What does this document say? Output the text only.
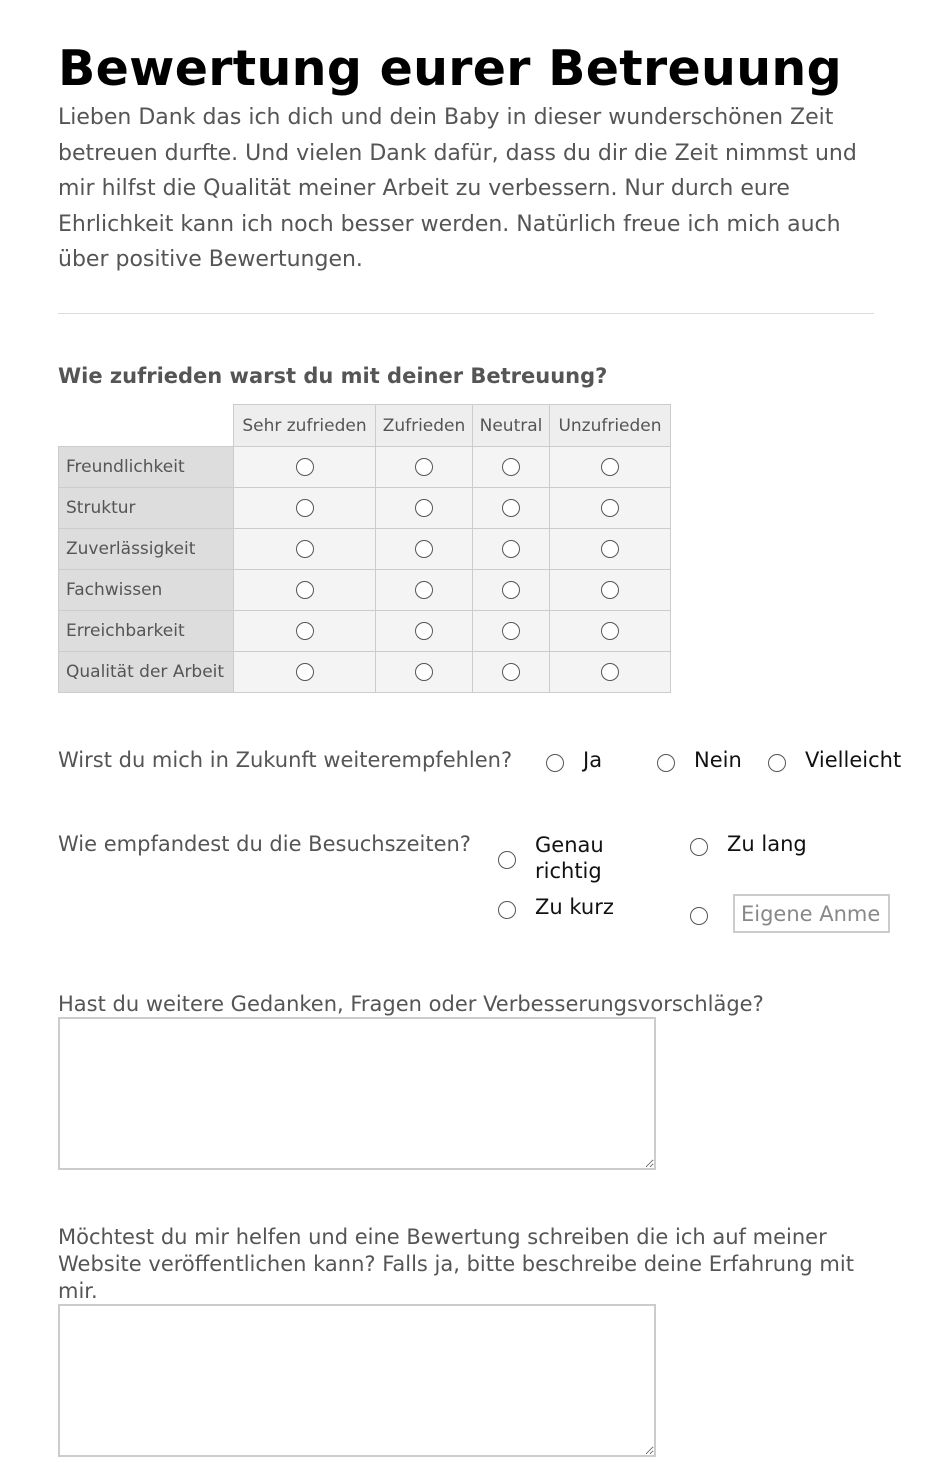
Bewertung eurer Betreuung

Lieben Dank das ich dich und dein Baby in dieser wunderschönen Zeit betreuen durfte. Und vielen Dank dafür, dass du dir die Zeit nimmst und mir hilfst die Qualität meiner Arbeit zu verbessern. Nur durch eure Ehrlichkeit kann ich noch besser werden. Natürlich freue ich mich auch über positive Bewertungen.

Wie zufrieden warst du mit deiner Betreuung?
	Sehr zufrieden	Zufrieden	Neutral	Unzufrieden
Freundlichkeit				
Struktur				
Zuverlässigkeit				
Fachwissen				
Erreichbarkeit				
Qualität der Arbeit				
Wirst du mich in Zukunft weiterempfehlen?	Ja	Nein	Vielleicht
Wie empfandest du die Besuchszeiten?	Genau richtig
Zu lang
Zu kurz
Eigene Anmerkung

Hast du weitere Gedanken, Fragen oder Verbesserungsvorschläge?

Möchtest du mir helfen und eine Bewertung schreiben die ich auf meiner Website veröffentlichen kann? Falls ja, bitte beschreibe deine Erfahrung mit mir.
